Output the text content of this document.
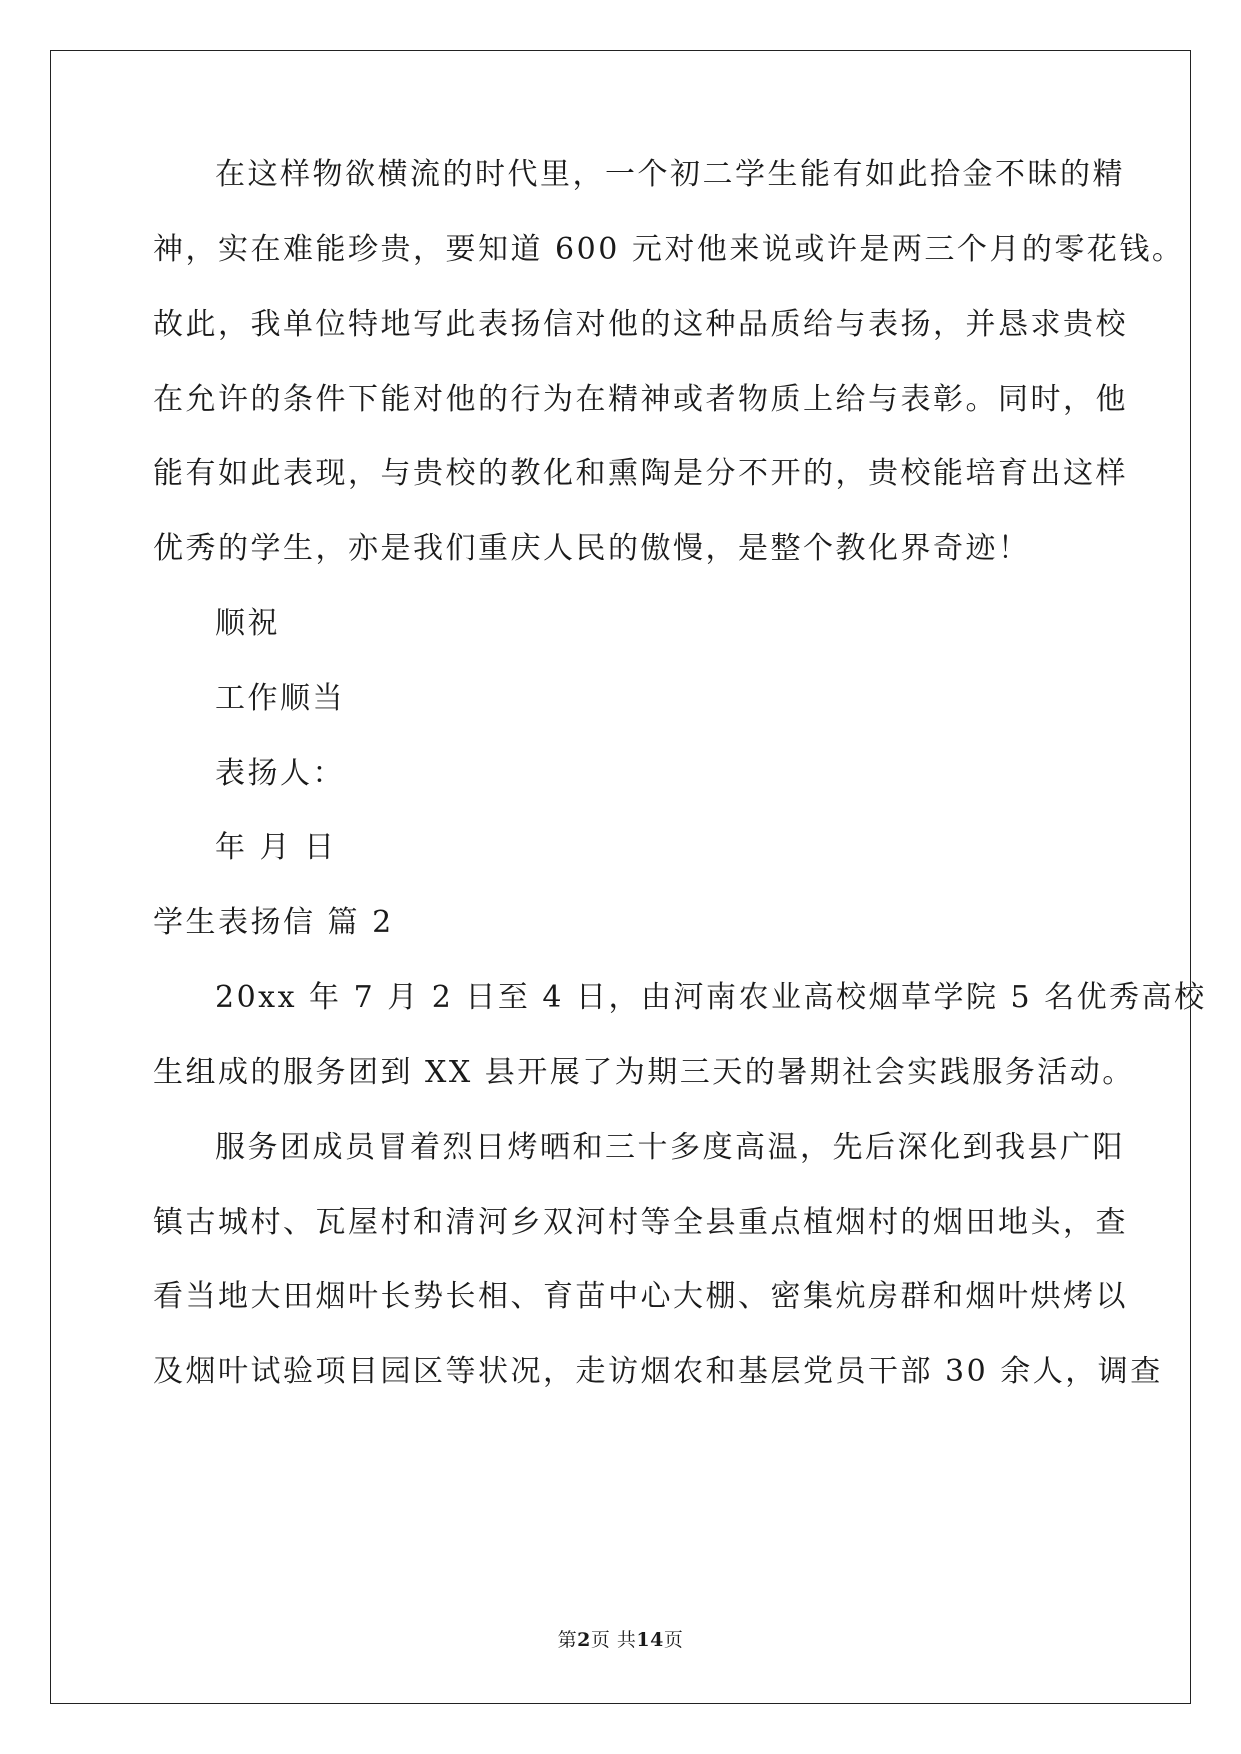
在这样物欲横流的时代里，一个初二学生能有如此拾金不昧的精
神，实在难能珍贵，要知道 600 元对他来说或许是两三个月的零花钱。
故此，我单位特地写此表扬信对他的这种品质给与表扬，并恳求贵校
在允许的条件下能对他的行为在精神或者物质上给与表彰。同时，他
能有如此表现，与贵校的教化和熏陶是分不开的，贵校能培育出这样
优秀的学生，亦是我们重庆人民的傲慢，是整个教化界奇迹！
顺祝
工作顺当
表扬人：
年 月 日
学生表扬信 篇 2
20xx 年 7 月 2 日至 4 日，由河南农业高校烟草学院 5 名优秀高校
生组成的服务团到 XX 县开展了为期三天的暑期社会实践服务活动。
服务团成员冒着烈日烤晒和三十多度高温，先后深化到我县广阳
镇古城村、瓦屋村和清河乡双河村等全县重点植烟村的烟田地头，查
看当地大田烟叶长势长相、育苗中心大棚、密集炕房群和烟叶烘烤以
及烟叶试验项目园区等状况，走访烟农和基层党员干部 30 余人，调查
第2页 共14页
